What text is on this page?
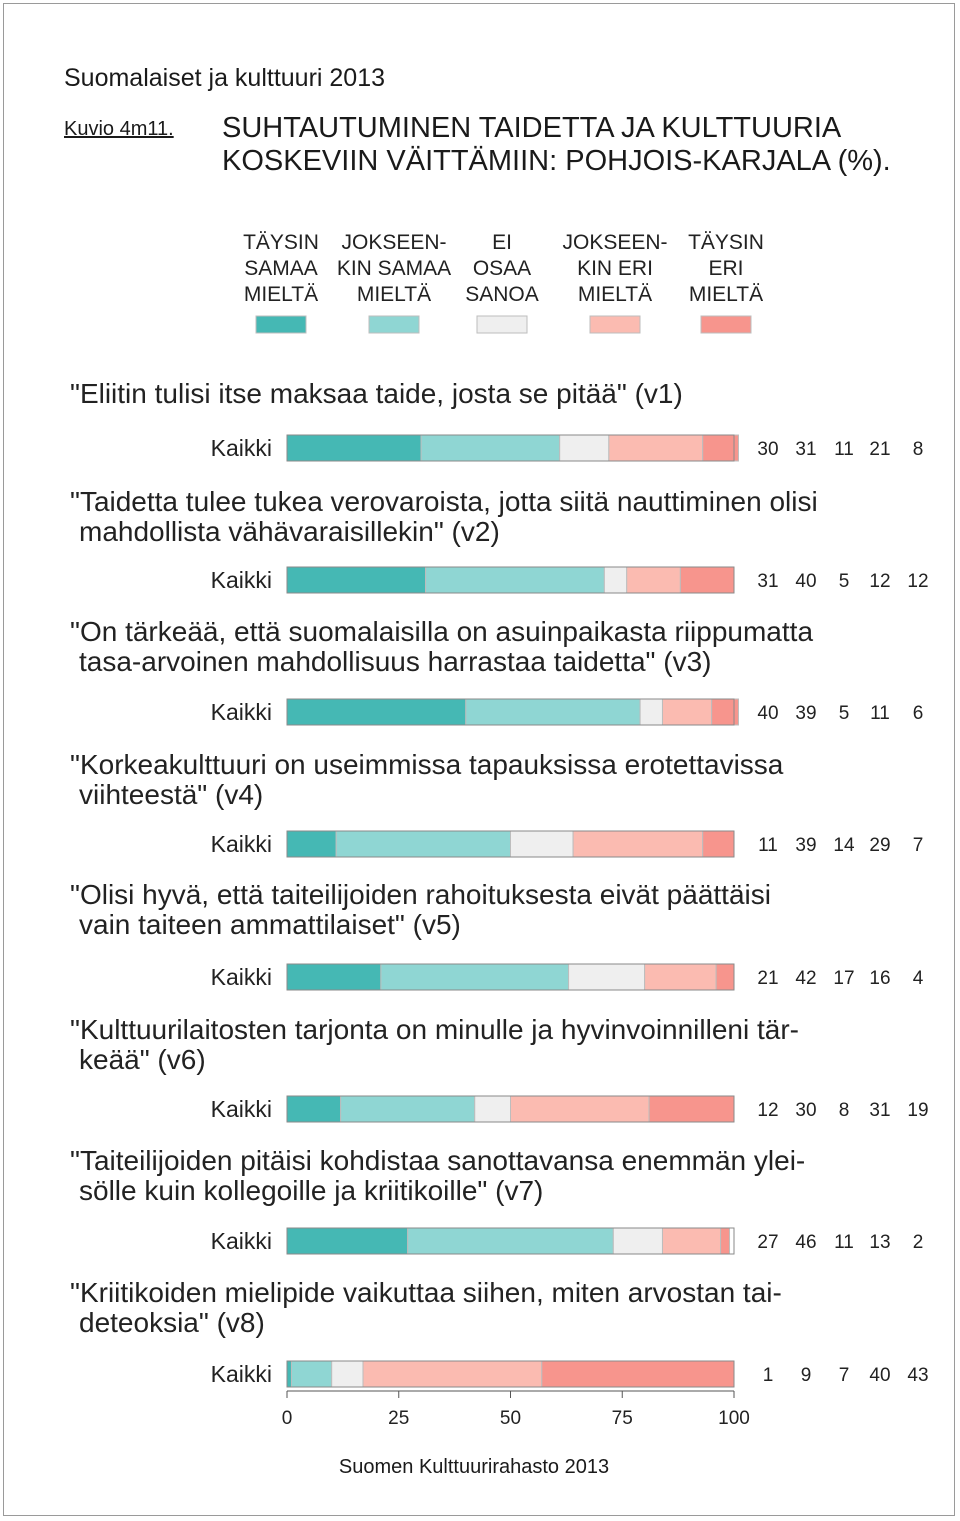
Suomalaiset ja kulttuuri 2013
Kuvio 4m11. SUHTAUTUMINEN TAIDETTA JA KULTTUURIA KOSKEVIIN VÄITTÄMIIN: POHJOIS-KARJALA (%).
TÄYSIN
SAMAA
MIELTÄ
JOKSEEN-
KIN SAMAA
MIELTÄ
EI
OSAA
SANOA
JOKSEEN-
KIN ERI
MIELTÄ
TÄYSIN
ERI
MIELTÄ
"Eliitin tulisi itse maksaa taide, josta se pitää" (v1)
Kaikki	30 31 11 21 8
"Taidetta tulee tukea verovaroista, jotta siitä nauttiminen olisi
mahdollista vähävaraisillekin" (v2)
Kaikki	31 40 5 12 12
"On tärkeää, että suomalaisilla on asuinpaikasta riippumatta
tasa-arvoinen mahdollisuus harrastaa taidetta" (v3)
Kaikki	40 39 5 11 6
"Korkeakulttuuri on useimmissa tapauksissa erotettavissa
viihteestä" (v4)
Kaikki	11 39 14 29 7
"Olisi hyvä, että taiteilijoiden rahoituksesta eivät päättäisi
vain taiteen ammattilaiset" (v5)
Kaikki	21 42 17 16 4
"Kulttuurilaitosten tarjonta on minulle ja hyvinvoinnilleni tär-
keää" (v6)
Kaikki	12 30 8 31 19
"Taiteilijoiden pitäisi kohdistaa sanottavansa enemmän ylei-
sölle kuin kollegoille ja kriitikoille" (v7)
Kaikki	27 46 11 13 2
"Kriitikoiden mielipide vaikuttaa siihen, miten arvostan tai-
deteoksia" (v8)
Kaikki	1 9 7 40 43
0	25	50	75	100
Suomen Kulttuurirahasto 2013
